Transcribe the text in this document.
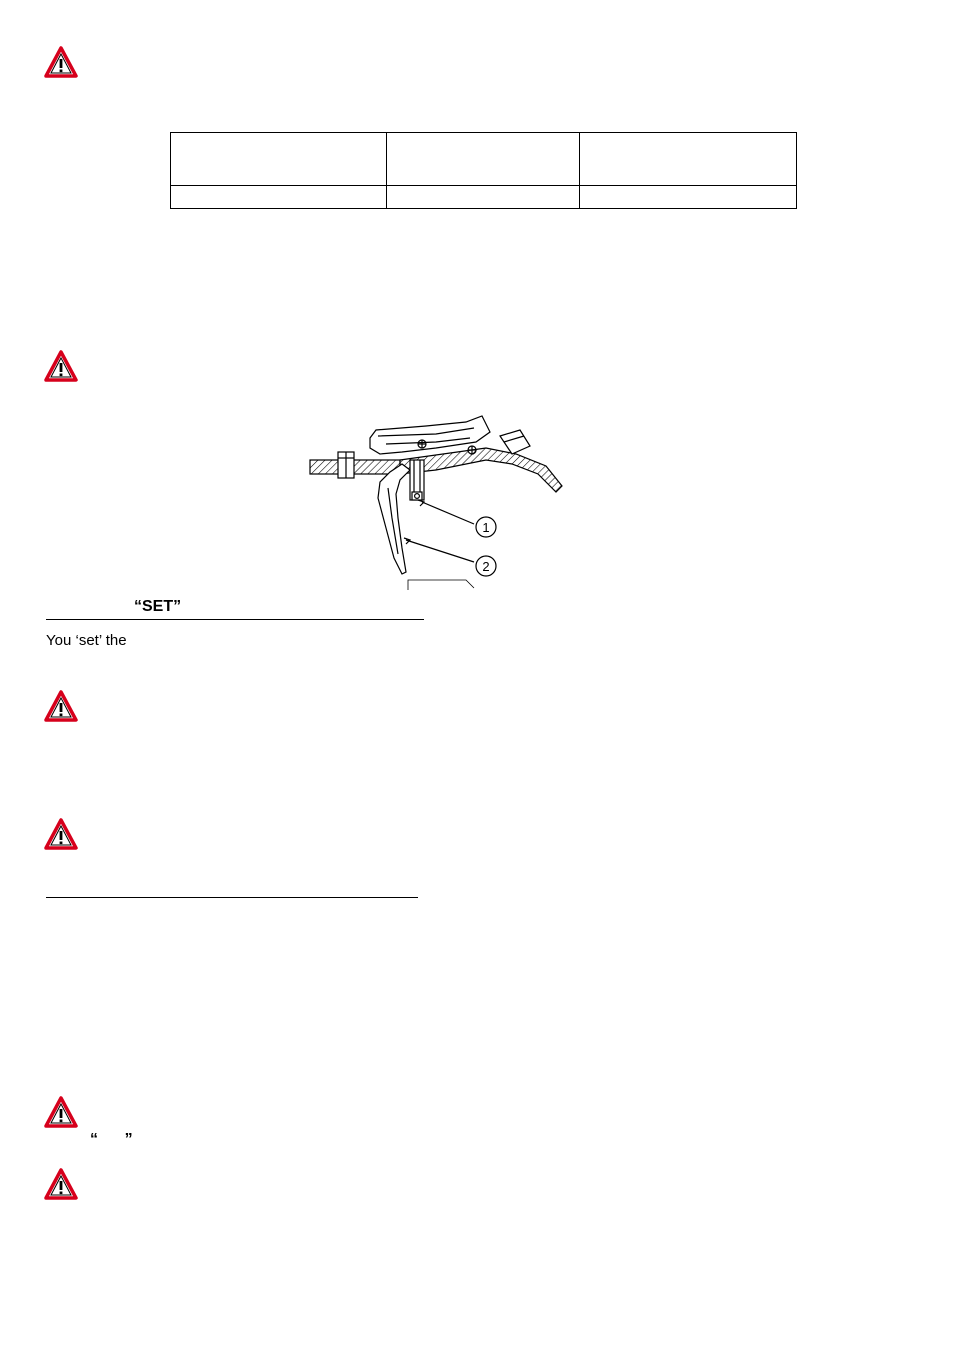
1
2
“SET”
You ‘set’ the
“      ”
